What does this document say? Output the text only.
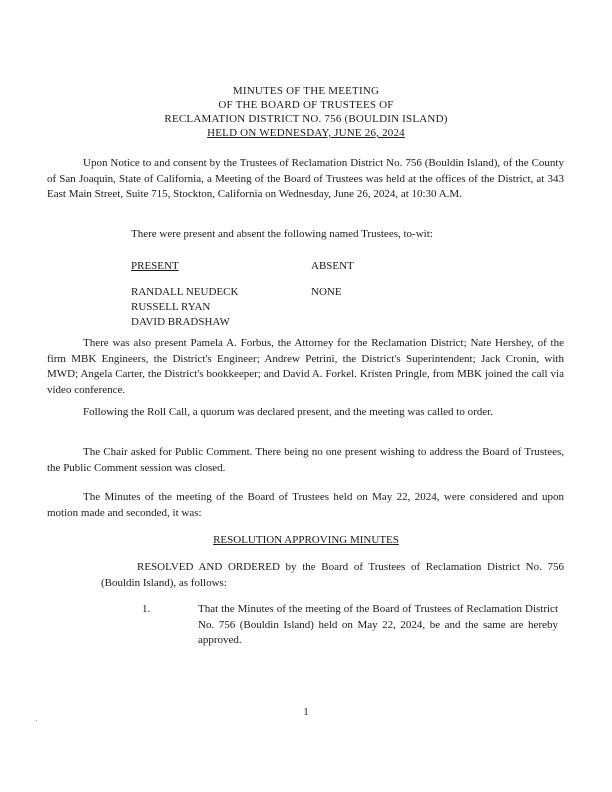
MINUTES OF THE MEETING
OF THE BOARD OF TRUSTEES OF
RECLAMATION DISTRICT NO. 756 (BOULDIN ISLAND)
HELD ON WEDNESDAY, JUNE 26, 2024
Upon Notice to and consent by the Trustees of Reclamation District No. 756 (Bouldin Island), of the County of San Joaquin, State of California, a Meeting of the Board of Trustees was held at the offices of the District, at 343 East Main Street, Suite 715, Stockton, California on Wednesday, June 26, 2024, at 10:30 A.M.
There were present and absent the following named Trustees, to-wit:
PRESENT
RANDALL NEUDECK
RUSSELL RYAN
DAVID BRADSHAW
ABSENT
NONE
There was also present Pamela A. Forbus, the Attorney for the Reclamation District; Nate Hershey, of the firm MBK Engineers, the District's Engineer; Andrew Petrini, the District's Superintendent; Jack Cronin, with MWD; Angela Carter, the District's bookkeeper; and David A. Forkel. Kristen Pringle, from MBK joined the call via video conference.
Following the Roll Call, a quorum was declared present, and the meeting was called to order.
The Chair asked for Public Comment. There being no one present wishing to address the Board of Trustees, the Public Comment session was closed.
The Minutes of the meeting of the Board of Trustees held on May 22, 2024, were considered and upon motion made and seconded, it was:
RESOLUTION APPROVING MINUTES
RESOLVED AND ORDERED by the Board of Trustees of Reclamation District No. 756 (Bouldin Island), as follows:
1.	That the Minutes of the meeting of the Board of Trustees of Reclamation District No. 756 (Bouldin Island) held on May 22, 2024, be and the same are hereby approved.
1
